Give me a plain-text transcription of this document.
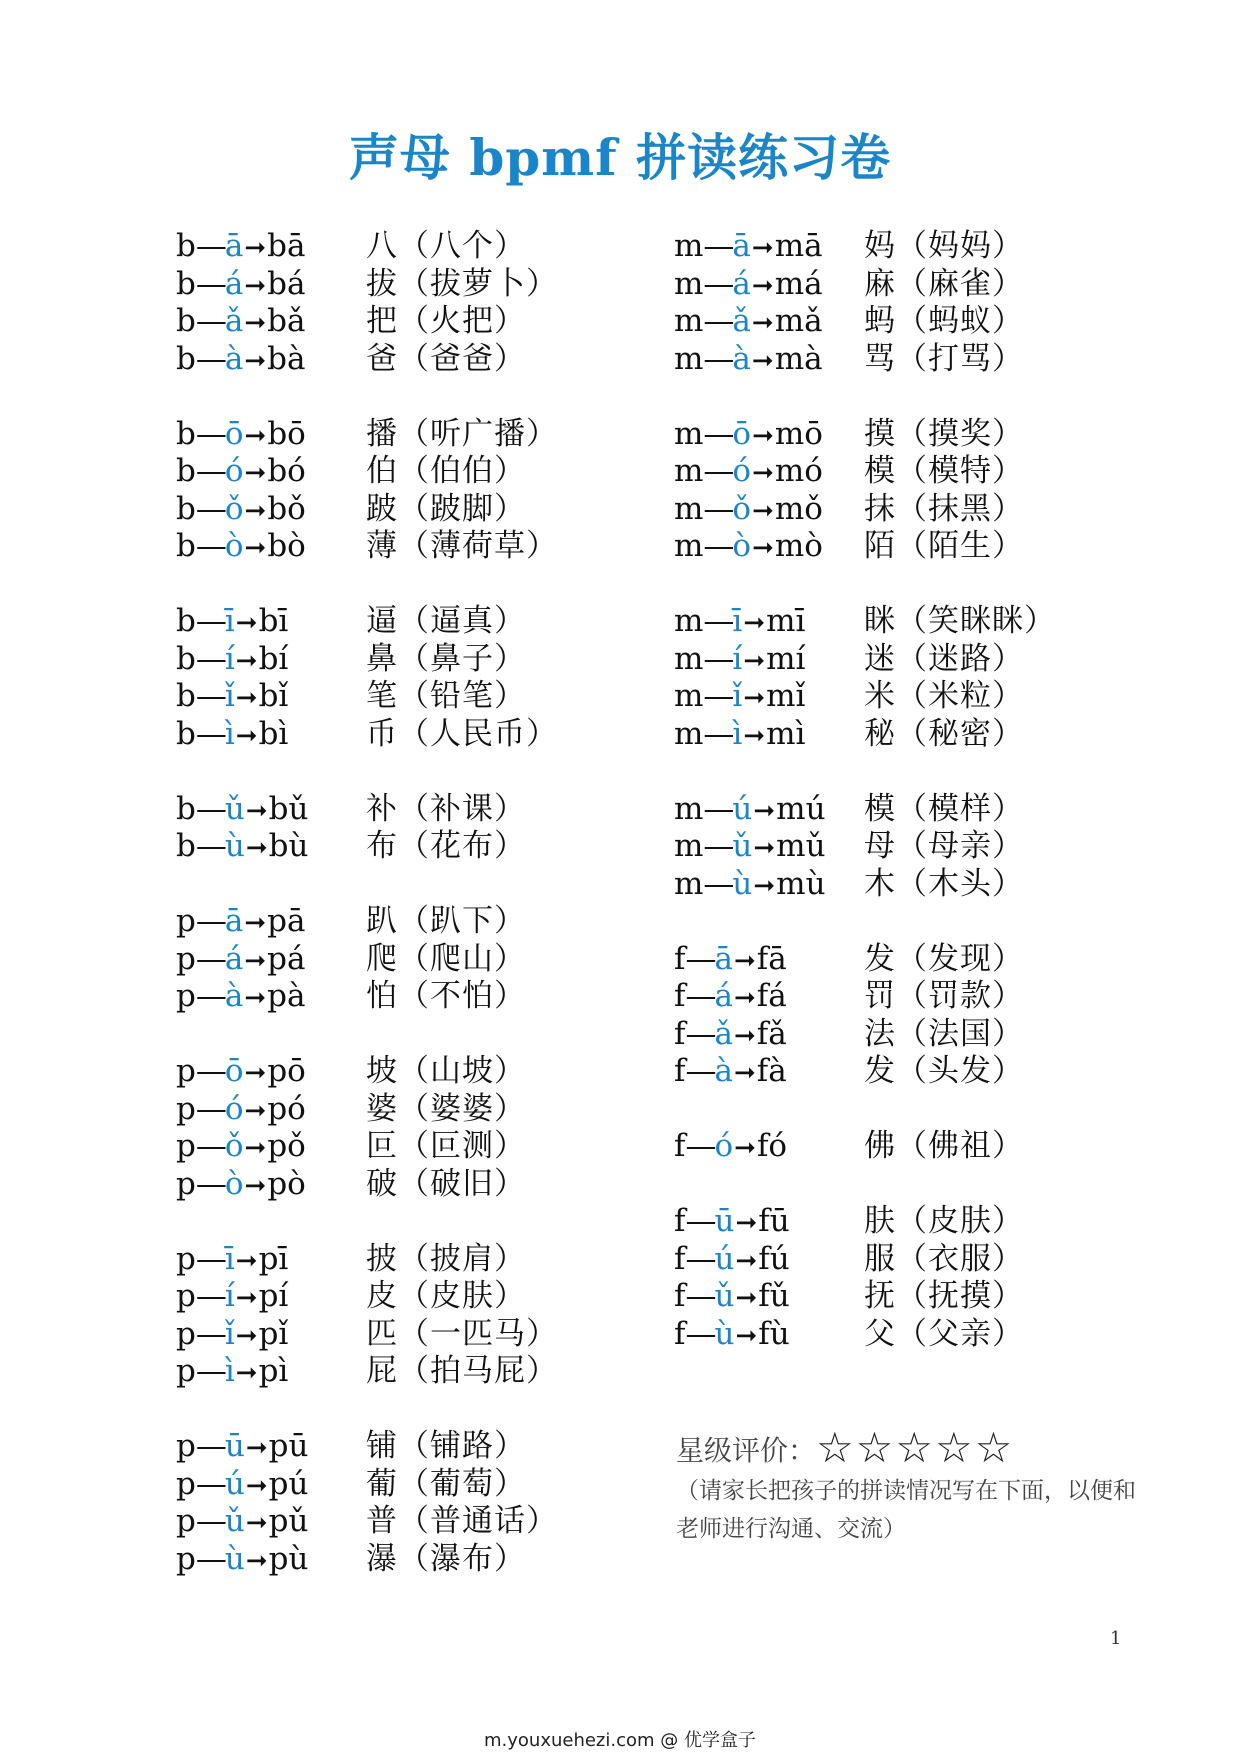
声母 bpmf 拼读练习卷
b—ā➞bā 八（八个）
b—á➞bá 拔（拔萝卜）
b—ǎ➞bǎ 把（火把）
b—à➞bà 爸（爸爸）
b—ō➞bō 播（听广播）
b—ó➞bó 伯（伯伯）
b—ǒ➞bǒ 跛（跛脚）
b—ò➞bò 薄（薄荷草）
b—ī➞bī	逼（逼真）
b—í➞bí	鼻（鼻子）
b—ǐ➞bǐ	笔（铅笔）
b—ì➞bì	币（人民币）
b—ǔ➞bǔ 补（补课）
b—ù➞bù 布（花布）
p—ā➞pā 趴（趴下）
p—á➞pá 爬（爬山）
p—à➞pà 怕（不怕）
p—ō➞pō 坡（山坡）
p—ó➞pó 婆（婆婆）
p—ǒ➞pǒ 叵（叵测）
p—ò➞pò 破（破旧）
p—ī➞pī	披（披肩）
p—í➞pí	皮（皮肤）
p—ǐ➞pǐ	匹（一匹马）
p—ì➞pì	屁（拍马屁）
p—ū➞pū 铺（铺路）
p—ú➞pú 葡（葡萄）
p—ǔ➞pǔ 普（普通话）
p—ù➞pù 瀑（瀑布）
m—ā➞mā 妈（妈妈）
m—á➞má 麻（麻雀）
m—ǎ➞mǎ 蚂（蚂蚁）
m—à➞mà 骂（打骂）
m—ō➞mō 摸（摸奖）
m—ó➞mó 模（模特）
m—ǒ➞mǒ 抹（抹黑）
m—ò➞mò 陌（陌生）
m—ī➞mī 眯（笑眯眯）
m—í➞mí 迷（迷路）
m—ǐ➞mǐ 米（米粒）
m—ì➞mì 秘（秘密）
m—ú➞mú 模（模样）
m—ǔ➞mǔ 母（母亲）
m—ù➞mù 木（木头）
f—ā➞fā 发（发现）
f—á➞fá 罚（罚款）
f—ǎ➞fǎ 法（法国）
f—à➞fà 发（头发）
f—ó➞fó 佛（佛祖）
f—ū➞fū 肤（皮肤）
f—ú➞fú 服（衣服）
f—ǔ➞fǔ 抚（抚摸）
f—ù➞fù 父（父亲）
星级评价：☆☆☆☆☆
（请家长把孩子的拼读情况写在下面，以便和老师进行沟通、交流）
1
m.youxuehezi.com @ 优学盒子
